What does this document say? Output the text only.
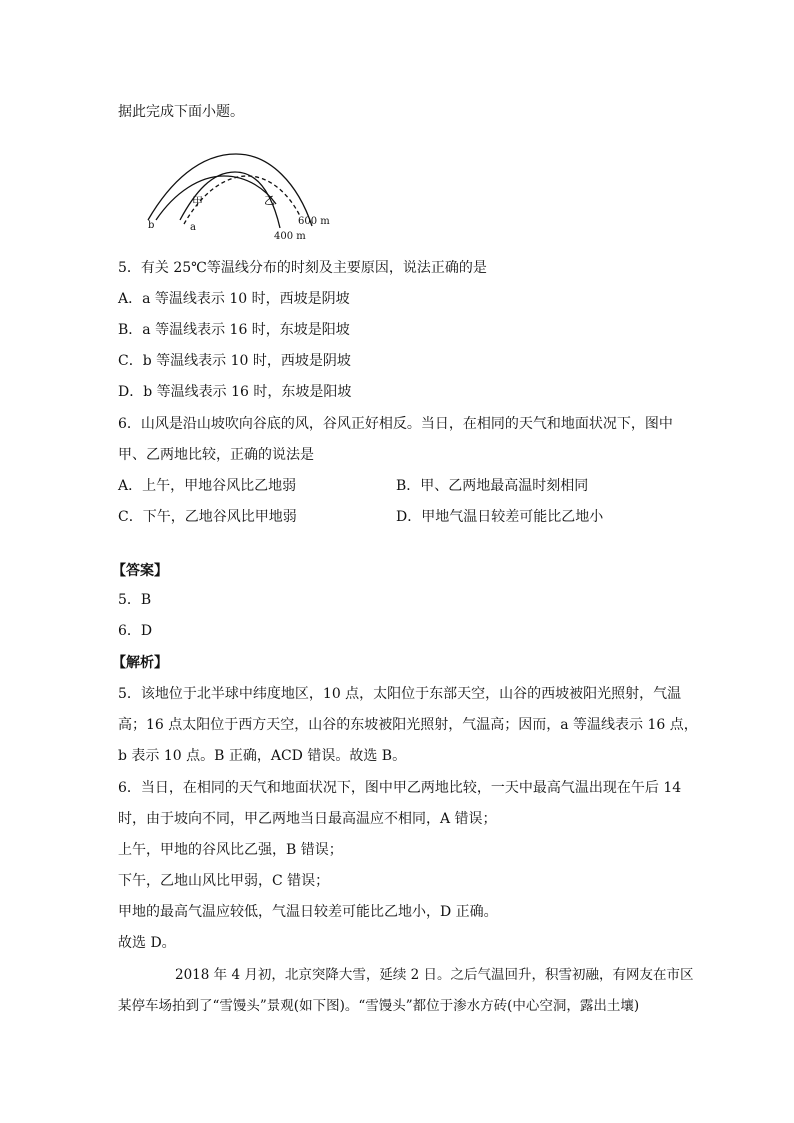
据此完成下面小题。
甲	乙
b	a
600 m
400 m
5．有关 25℃等温线分布的时刻及主要原因，说法正确的是
A．a 等温线表示 10 时，西坡是阴坡
B．a 等温线表示 16 时，东坡是阳坡
C．b 等温线表示 10 时，西坡是阴坡
D．b 等温线表示 16 时，东坡是阳坡
6．山风是沿山坡吹向谷底的风，谷风正好相反。当日，在相同的天气和地面状况下，图中
甲、乙两地比较，正确的说法是
A．上午，甲地谷风比乙地弱	B．甲、乙两地最高温时刻相同
C．下午，乙地谷风比甲地弱	D．甲地气温日较差可能比乙地小
【答案】
5．B
6．D
【解析】
5．该地位于北半球中纬度地区，10 点，太阳位于东部天空，山谷的西坡被阳光照射，气温
高；16 点太阳位于西方天空，山谷的东坡被阳光照射，气温高；因而，a 等温线表示 16 点，
b 表示 10 点。B 正确，ACD 错误。故选 B。
6．当日，在相同的天气和地面状况下，图中甲乙两地比较，一天中最高气温出现在午后 14
时，由于坡向不同，甲乙两地当日最高温应不相同，A 错误；
上午，甲地的谷风比乙强，B 错误；
下午，乙地山风比甲弱，C 错误；
甲地的最高气温应较低，气温日较差可能比乙地小，D 正确。
故选 D。
2018 年 4 月初，北京突降大雪，延续 2 日。之后气温回升，积雪初融，有网友在市区
某停车场拍到了“雪馒头”景观(如下图)。“雪馒头”都位于渗水方砖(中心空洞，露出土壤)
